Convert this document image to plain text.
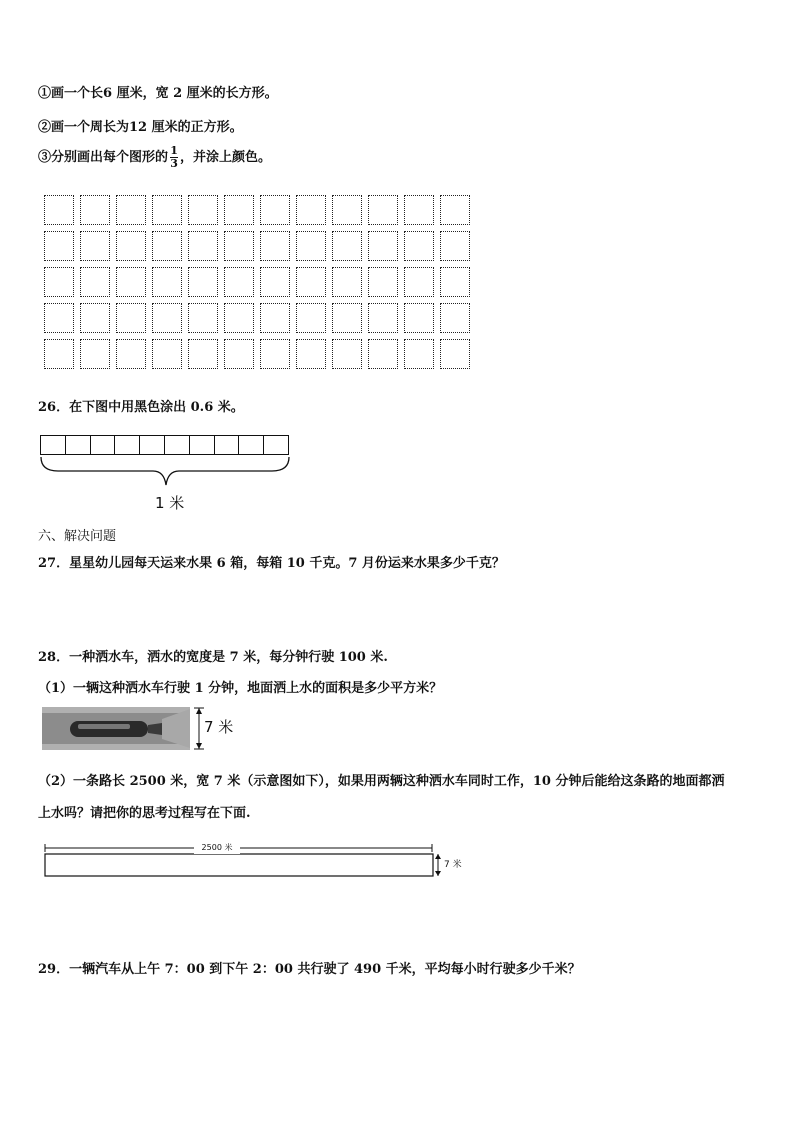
①画一个长6 厘米，宽 2 厘米的长方形。
②画一个周长为12 厘米的正方形。
③分别画出每个图形的 $\frac{1}{3}$ ，并涂上颜色。
26．在下图中用黑色涂出 0.6 米。
1 米
六、解决问题
27．星星幼儿园每天运来水果 6 箱，每箱 10 千克。7 月份运来水果多少千克？
28．一种洒水车，洒水的宽度是 7 米，每分钟行驶 100 米.
（1）一辆这种洒水车行驶 1 分钟，地面洒上水的面积是多少平方米？
7 米
（2）一条路长 2500 米，宽 7 米（示意图如下），如果用两辆这种洒水车同时工作，10 分钟后能给这条路的地面都洒
上水吗？请把你的思考过程写在下面.
2500 米
7 米
29．一辆汽车从上午 7：00 到下午 2：00 共行驶了 490 千米，平均每小时行驶多少千米？
